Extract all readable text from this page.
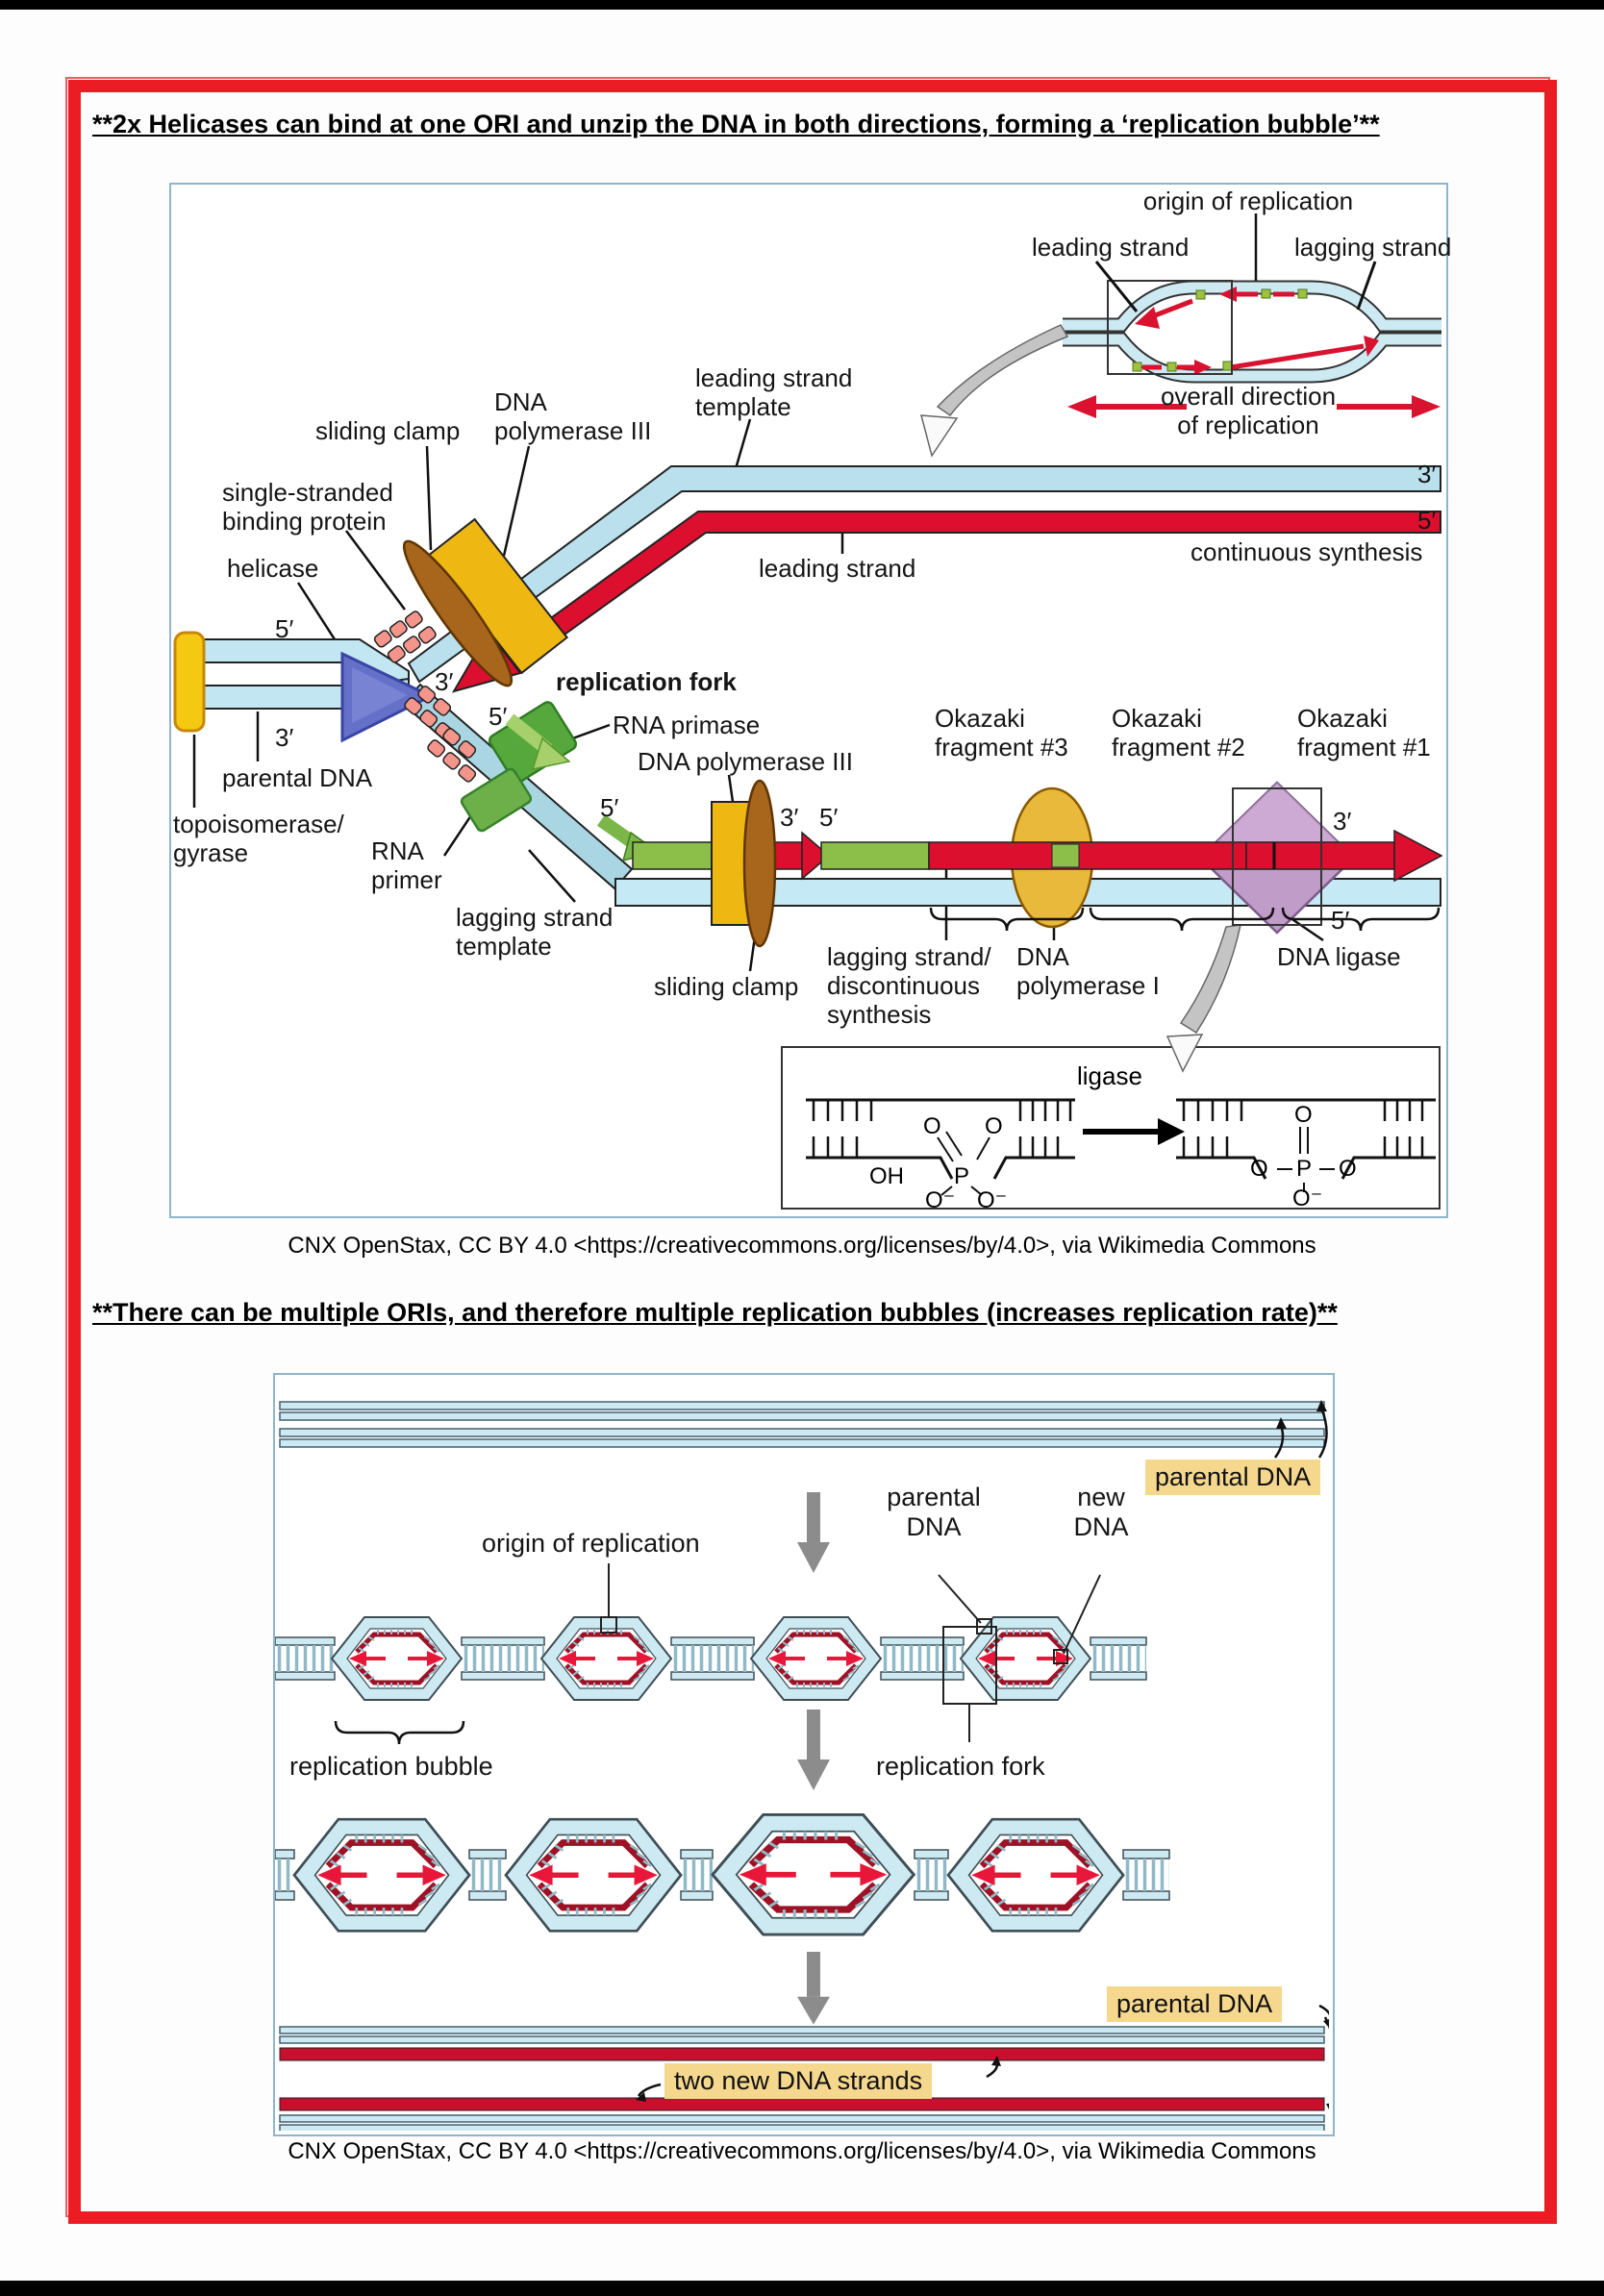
**2x Helicases can bind at one ORI and unzip the DNA in both directions, forming a ‘replication bubble’**
origin of replication
leading strand	lagging strand
overall direction
of replication
leading strand
template
DNA
polymerase III
sliding clamp
single-stranded
binding protein
helicase
5′
3′
3′
parental DNA
topoisomerase/
gyrase	RNA
primer
replication fork
RNA primase
5′
DNA polymerase III
5′	3′ 5′
Okazaki
fragment #3
Okazaki
fragment #2
Okazaki
fragment #1
leading strand
continuous synthesis
3′
5′
3′
5′
lagging strand
template
sliding clamp
lagging strand/
discontinuous
synthesis
DNA
polymerase I
DNA ligase
ligase
O O
OH P
O⁻ O⁻
O
O P O
O⁻
CNX OpenStax, CC BY 4.0 <https://creativecommons.org/licenses/by/4.0>, via Wikimedia Commons
**There can be multiple ORIs, and therefore multiple replication bubbles (increases replication rate)**
parental DNA
origin of replication
parental
DNA
new
DNA
replication bubble	replication fork
parental DNA
two new DNA strands
CNX OpenStax, CC BY 4.0 <https://creativecommons.org/licenses/by/4.0>, via Wikimedia Commons
